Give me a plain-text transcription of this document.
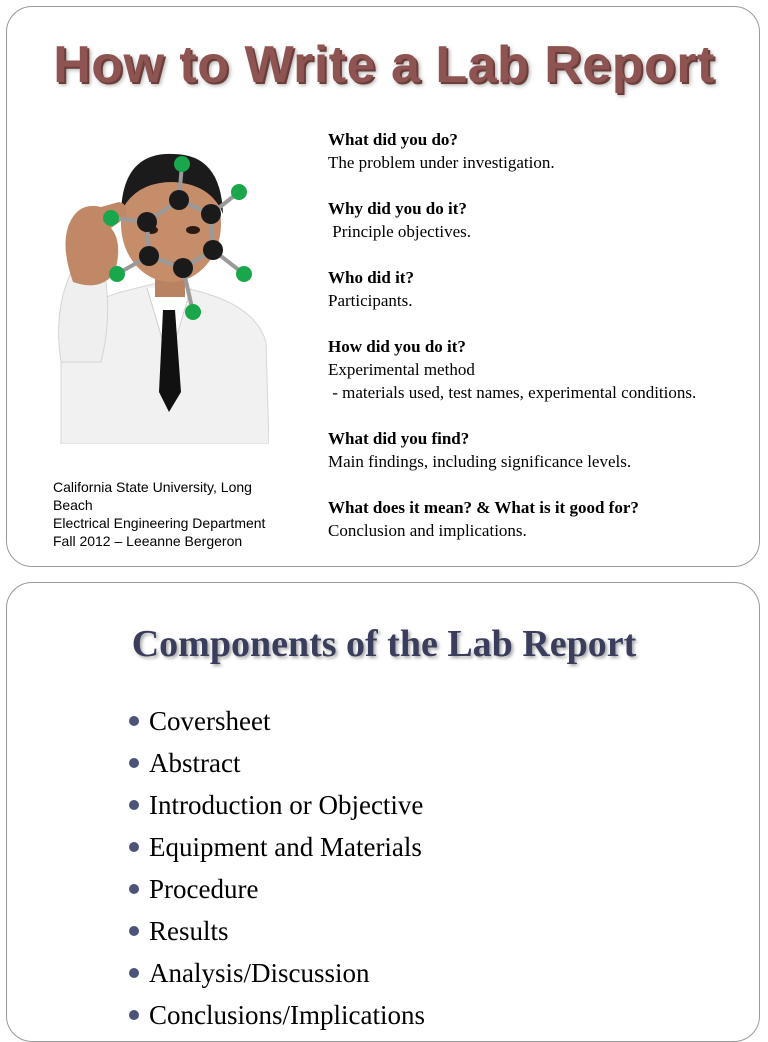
How to Write a Lab Report
California State University, Long
Beach
Electrical Engineering Department
Fall 2012 – Leeanne Bergeron
What did you do?
The problem under investigation.
Why did you do it?
Principle objectives.
Who did it?
Participants.
How did you do it?
Experimental method
- materials used, test names, experimental conditions.
What did you find?
Main findings, including significance levels.
What does it mean? & What is it good for?
Conclusion and implications.
Components of the Lab Report
Coversheet
Abstract
Introduction or Objective
Equipment and Materials
Procedure
Results
Analysis/Discussion
Conclusions/Implications
